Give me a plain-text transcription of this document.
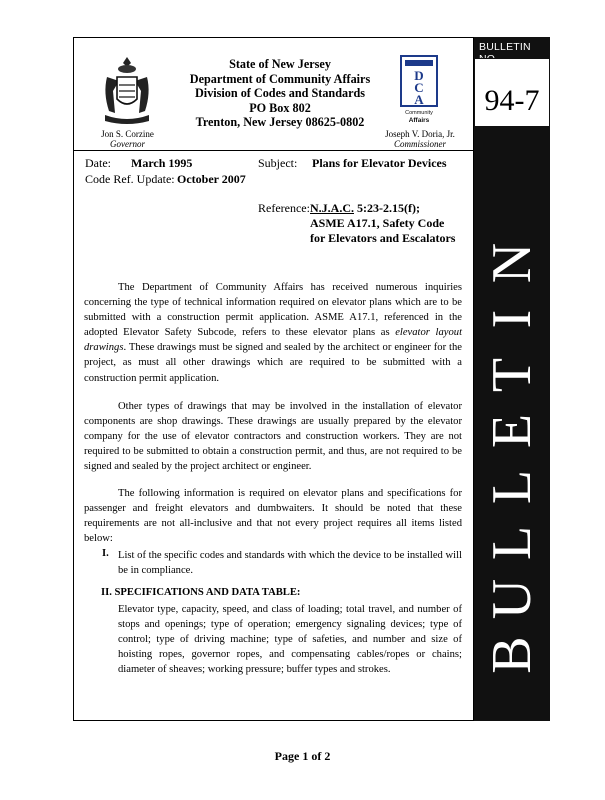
BULLETIN
94-7
N
I
T
E
L
L
U
B
D
C
A
Community
Affairs
State of New Jersey
Department of Community Affairs
Division of Codes and Standards
PO Box 802
Trenton, New Jersey 08625-0802
Jon S. Corzine
Governor
Joseph V. Doria, Jr.
Commissioner
Date: March 1995
Code Ref. Update: October 2007
Subject: Plans for Elevator Devices
Reference: N.J.A.C. 5:23-2.15(f);
ASME A17.1, Safety Code
for Elevators and Escalators
The Department of Community Affairs has received numerous inquiries concerning the type of technical information required on elevator plans which are to be submitted with a construction permit application. ASME A17.1, referenced in the adopted Elevator Safety Subcode, refers to these elevator plans as elevator layout drawings. These drawings must be signed and sealed by the architect or engineer for the project, as must all other drawings which are required to be submitted with a construction permit application.
Other types of drawings that may be involved in the installation of elevator components are shop drawings. These drawings are usually prepared by the elevator company for the use of elevator contractors and construction workers. They are not required to be submitted to obtain a construction permit, and thus, are not required to be signed and sealed by the project architect or engineer.
The following information is required on elevator plans and specifications for passenger and freight elevators and dumbwaiters. It should be noted that these requirements are not all-inclusive and that not every project requires all items listed below:
I. List of the specific codes and standards with which the device to be installed will be in compliance.
II. SPECIFICATIONS AND DATA TABLE:
Elevator type, capacity, speed, and class of loading; total travel, and number of stops and openings; type of operation; emergency signaling devices; type of control; type of driving machine; type of safeties, and number and size of hoisting ropes, governor ropes, and compensating cables/ropes or chains; diameter of sheaves; working pressure; buffer types and strokes.
Page 1 of 2
